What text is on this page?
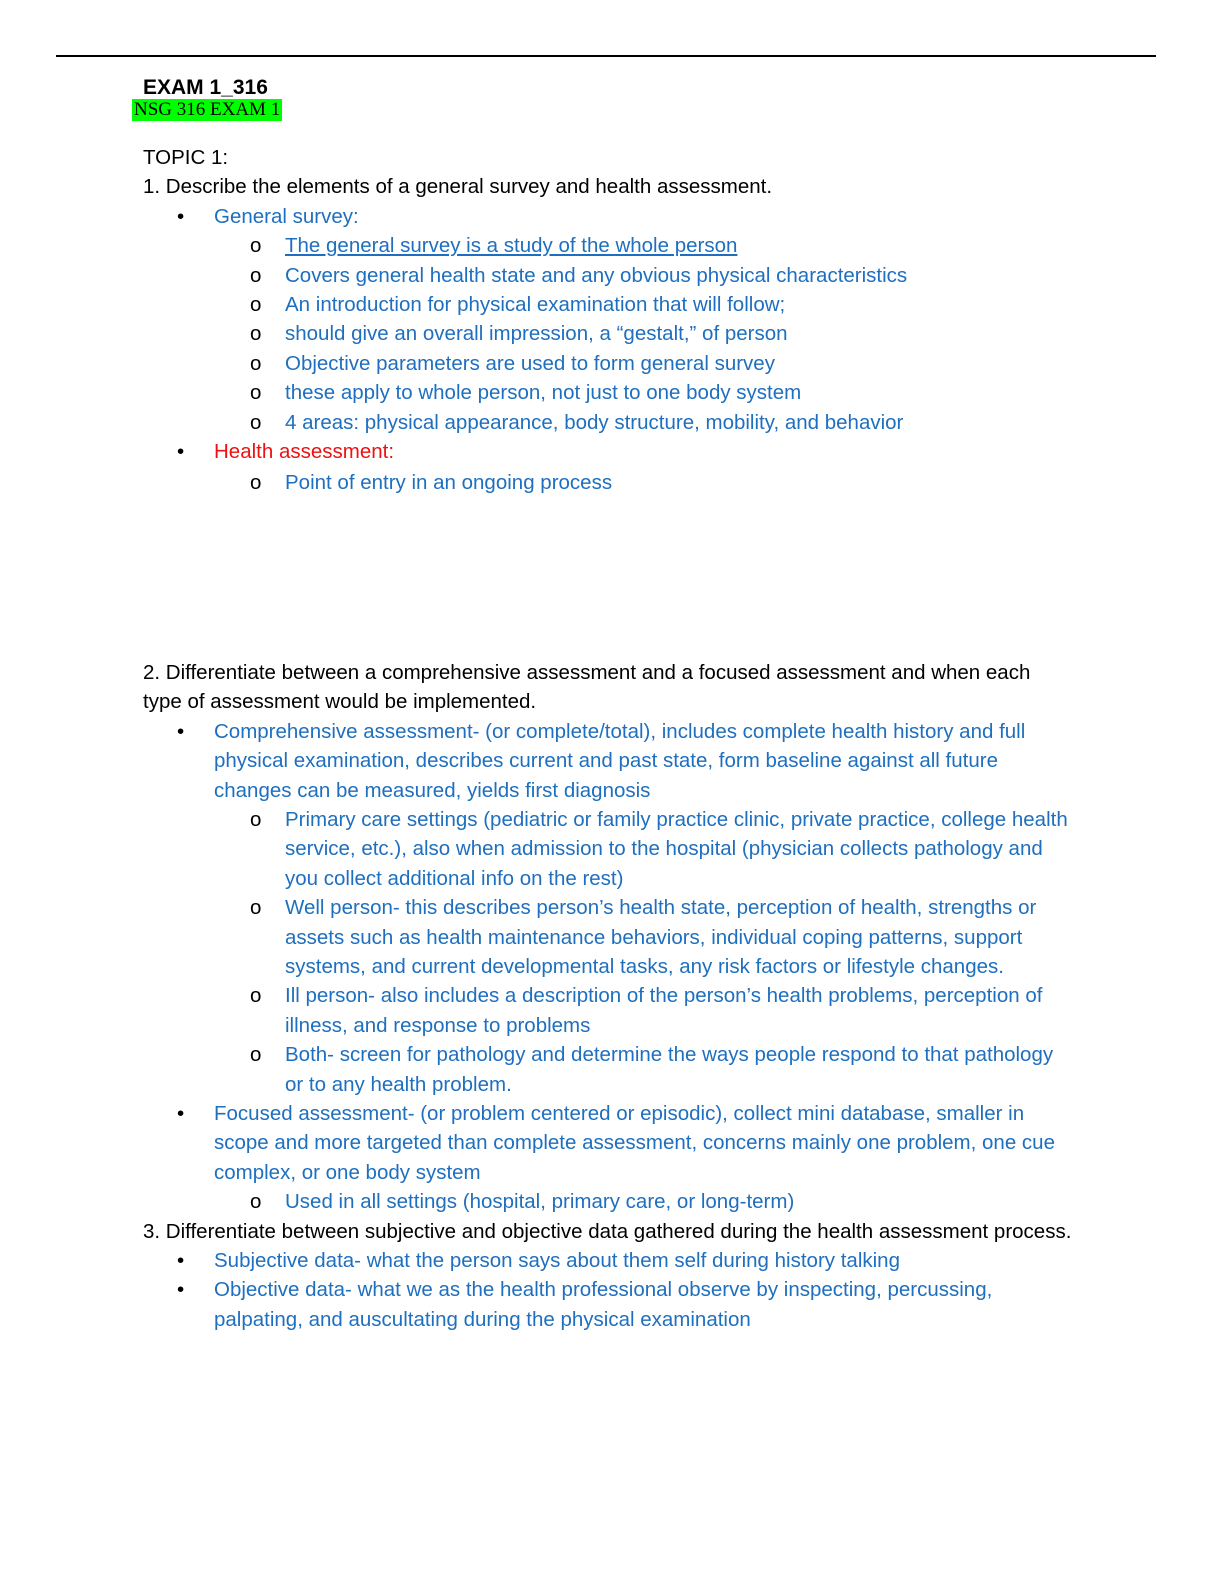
EXAM 1_316
NSG 316 EXAM 1

TOPIC 1:

1. Describe the elements of a general survey and health assessment.

•	General survey:
o The general survey is a study of the whole person
o Covers general health state and any obvious physical characteristics
o An introduction for physical examination that will follow;
o should give an overall impression, a “gestalt,” of person
o Objective parameters are used to form general survey
o these apply to whole person, not just to one body system
o 4 areas: physical appearance, body structure, mobility, and behavior
•	Health assessment:
o Point of entry in an ongoing process

2. Differentiate between a comprehensive assessment and a focused assessment and when each type of assessment would be implemented.

•	Comprehensive assessment- (or complete/total), includes complete health history and full physical examination, describes current and past state, form baseline against all future changes can be measured, yields first diagnosis
o Primary care settings (pediatric or family practice clinic, private practice, college health service, etc.), also when admission to the hospital (physician collects pathology and you collect additional info on the rest)
o Well person- this describes person’s health state, perception of health, strengths or assets such as health maintenance behaviors, individual coping patterns, support systems, and current developmental tasks, any risk factors or lifestyle changes.
o Ill person- also includes a description of the person’s health problems, perception of illness, and response to problems
o Both- screen for pathology and determine the ways people respond to that pathology or to any health problem.
•	Focused assessment- (or problem centered or episodic), collect mini database, smaller in scope and more targeted than complete assessment, concerns mainly one problem, one cue complex, or one body system
o Used in all settings (hospital, primary care, or long-term)

3. Differentiate between subjective and objective data gathered during the health assessment process.

•	Subjective data- what the person says about them self during history talking
•	Objective data- what we as the health professional observe by inspecting, percussing, palpating, and auscultating during the physical examination
